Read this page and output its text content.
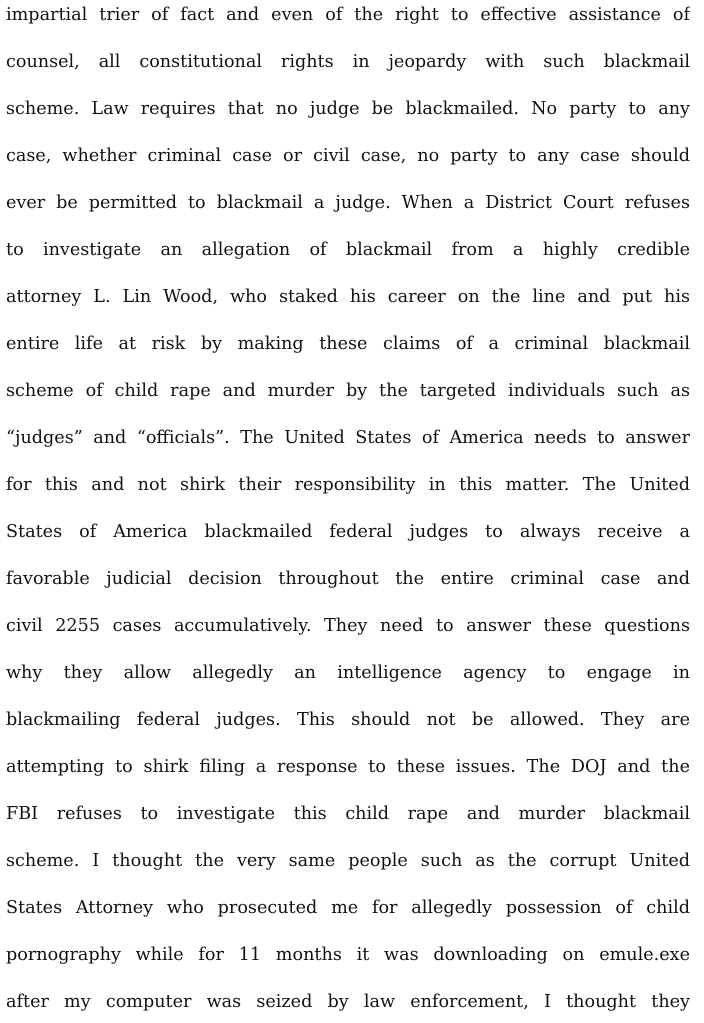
impartial trier of fact and even of the right to effective assistance of
counsel, all constitutional rights in jeopardy with such blackmail
scheme. Law requires that no judge be blackmailed. No party to any
case, whether criminal case or civil case, no party to any case should
ever be permitted to blackmail a judge. When a District Court refuses
to investigate an allegation of blackmail from a highly credible
attorney L. Lin Wood, who staked his career on the line and put his
entire life at risk by making these claims of a criminal blackmail
scheme of child rape and murder by the targeted individuals such as
“judges” and “officials”. The United States of America needs to answer
for this and not shirk their responsibility in this matter. The United
States of America blackmailed federal judges to always receive a
favorable judicial decision throughout the entire criminal case and
civil 2255 cases accumulatively. They need to answer these questions
why they allow allegedly an intelligence agency to engage in
blackmailing federal judges. This should not be allowed. They are
attempting to shirk filing a response to these issues. The DOJ and the
FBI refuses to investigate this child rape and murder blackmail
scheme. I thought the very same people such as the corrupt United
States Attorney who prosecuted me for allegedly possession of child
pornography while for 11 months it was downloading on emule.exe
after my computer was seized by law enforcement, I thought they
